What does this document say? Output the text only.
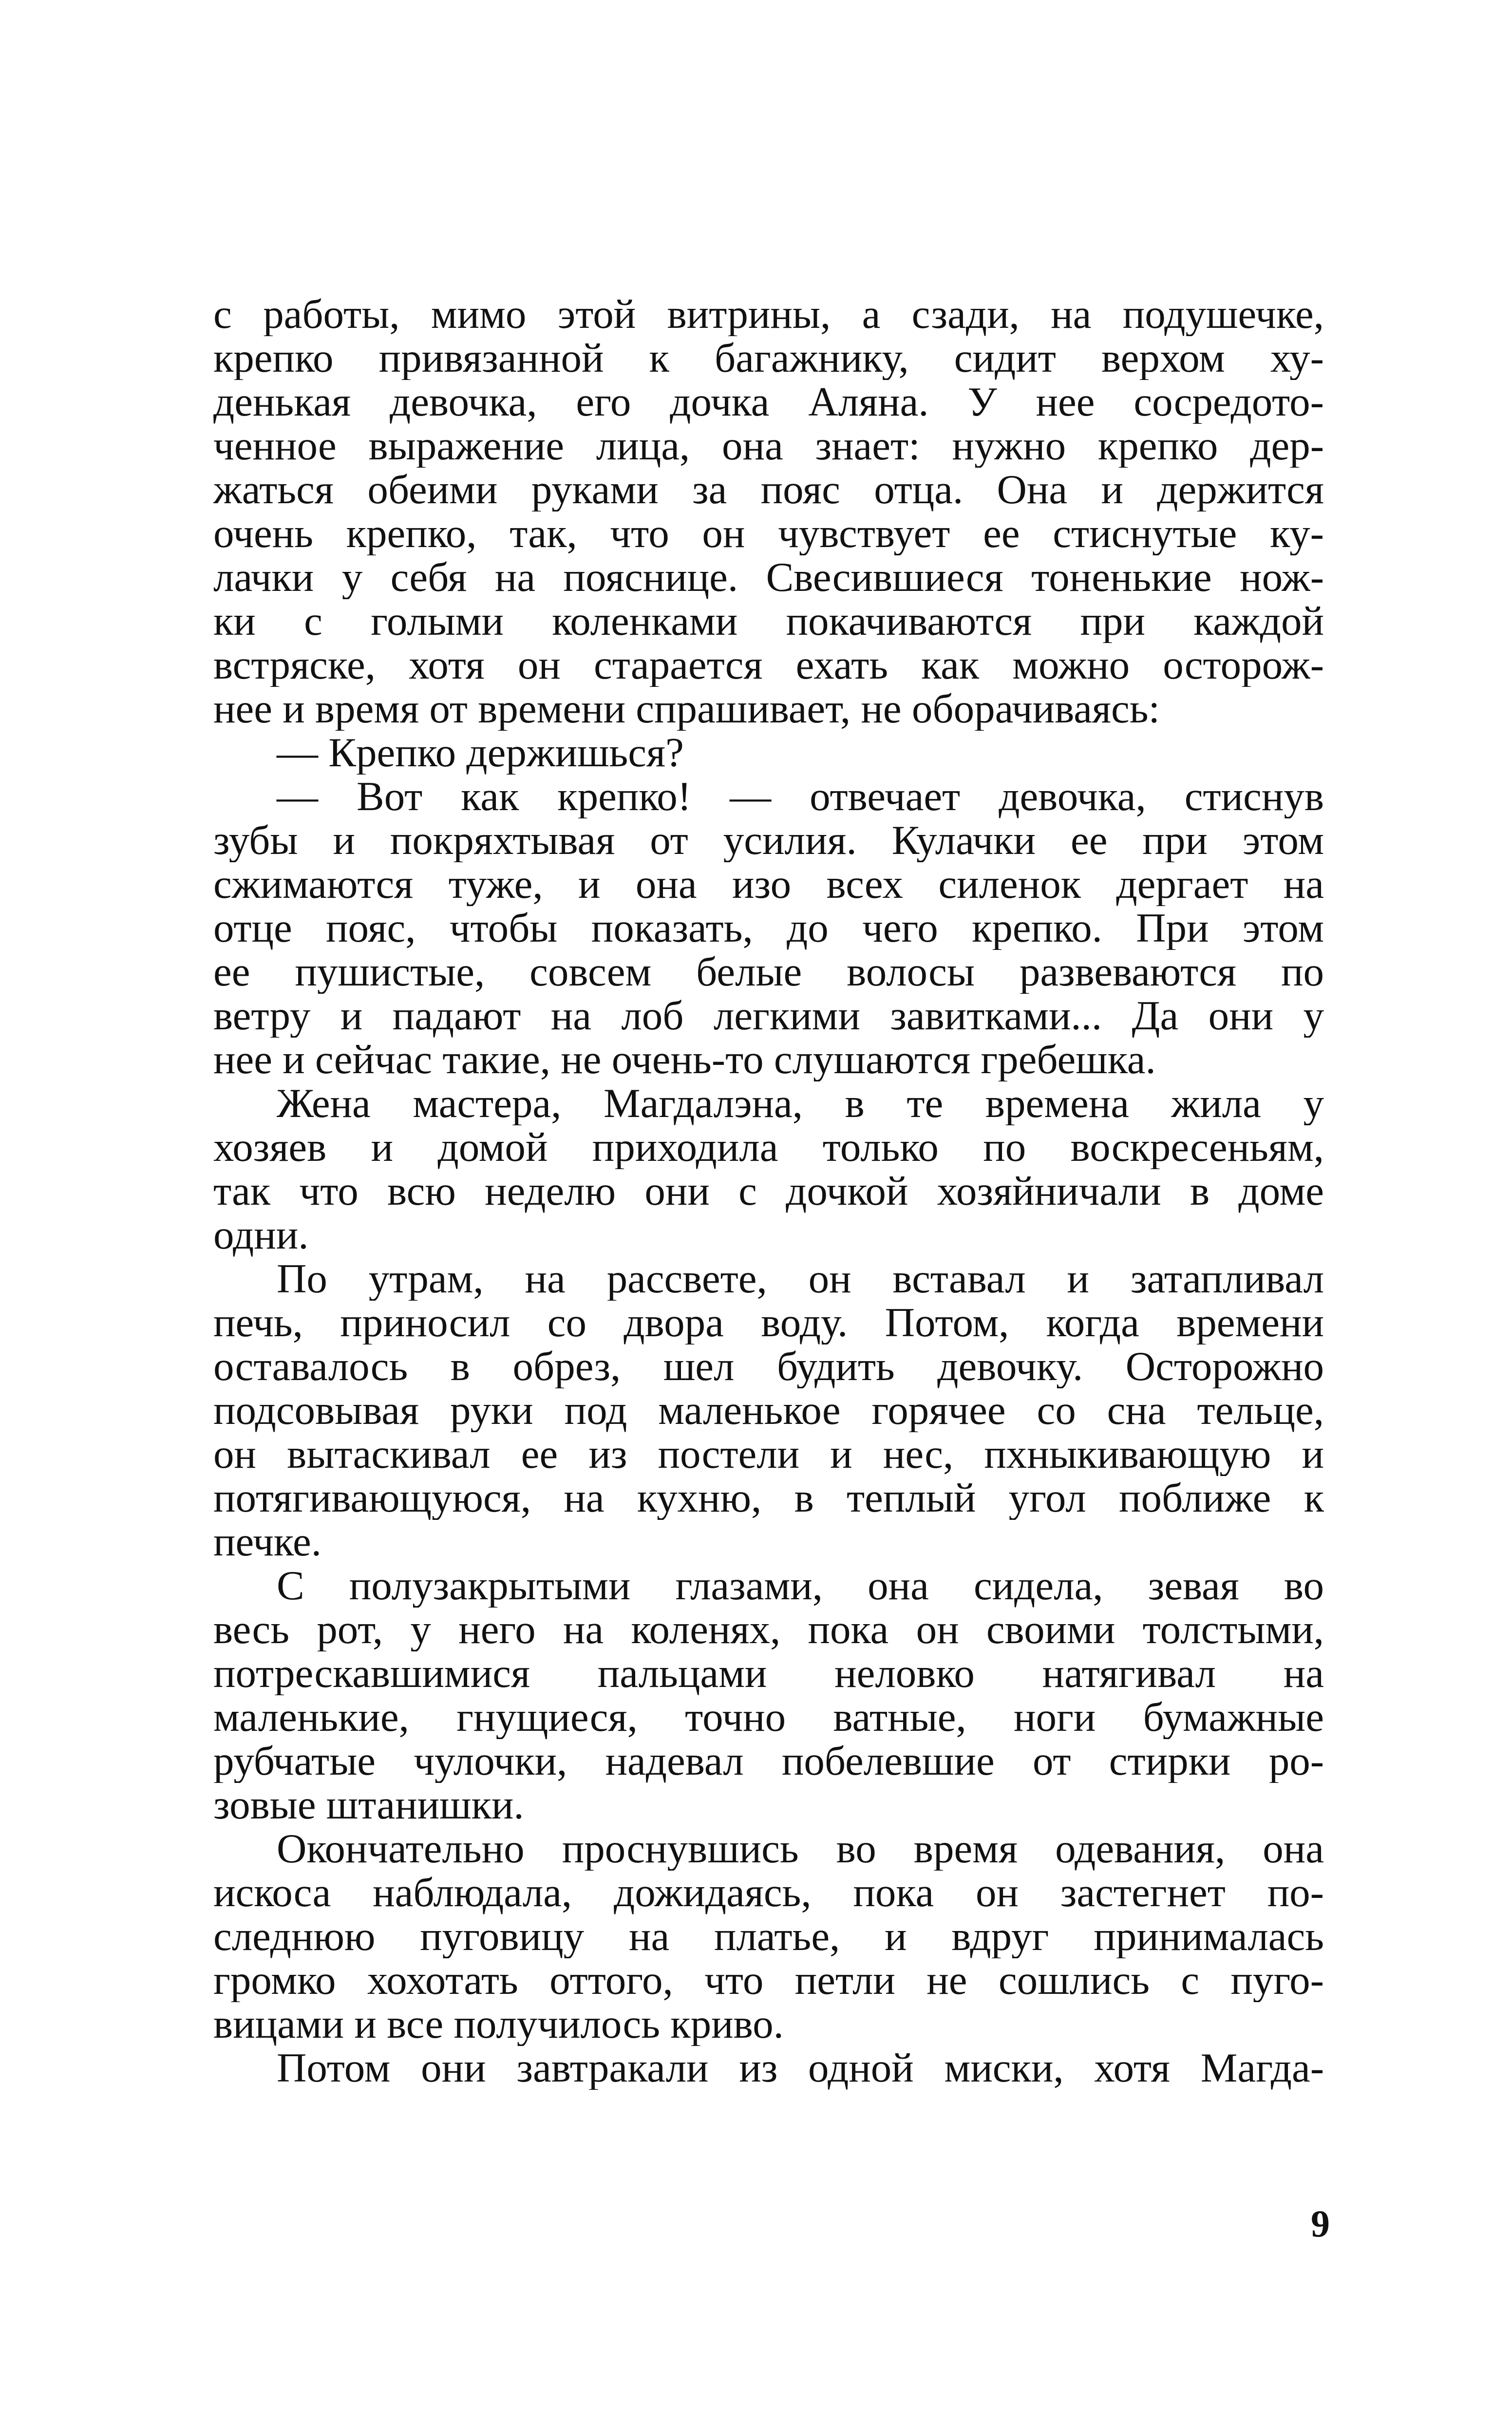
с работы, мимо этой витрины, а сзади, на подушечке,
крепко привязанной к багажнику, сидит верхом ху-
денькая девочка, его дочка Аляна. У нее сосредото-
ченное выражение лица, она знает: нужно крепко дер-
жаться обеими руками за пояс отца. Она и держится
очень крепко, так, что он чувствует ее стиснутые ку-
лачки у себя на пояснице. Свесившиеся тоненькие нож-
ки с голыми коленками покачиваются при каждой
встряске, хотя он старается ехать как можно осторож-
нее и время от времени спрашивает, не оборачиваясь:
— Крепко держишься?
— Вот как крепко! — отвечает девочка, стиснув
зубы и покряхтывая от усилия. Кулачки ее при этом
сжимаются туже, и она изо всех силенок дергает на
отце пояс, чтобы показать, до чего крепко. При этом
ее пушистые, совсем белые волосы развеваются по
ветру и падают на лоб легкими завитками... Да они у
нее и сейчас такие, не очень-то слушаются гребешка.
Жена мастера, Магдалэна, в те времена жила у
хозяев и домой приходила только по воскресеньям,
так что всю неделю они с дочкой хозяйничали в доме
одни.
По утрам, на рассвете, он вставал и затапливал
печь, приносил со двора воду. Потом, когда времени
оставалось в обрез, шел будить девочку. Осторожно
подсовывая руки под маленькое горячее со сна тельце,
он вытаскивал ее из постели и нес, пхныкивающую и
потягивающуюся, на кухню, в теплый угол поближе к
печке.
С полузакрытыми глазами, она сидела, зевая во
весь рот, у него на коленях, пока он своими толстыми,
потрескавшимися пальцами неловко натягивал на
маленькие, гнущиеся, точно ватные, ноги бумажные
рубчатые чулочки, надевал побелевшие от стирки ро-
зовые штанишки.
Окончательно проснувшись во время одевания, она
искоса наблюдала, дожидаясь, пока он застегнет по-
следнюю пуговицу на платье, и вдруг принималась
громко хохотать оттого, что петли не сошлись с пуго-
вицами и все получилось криво.
Потом они завтракали из одной миски, хотя Магда-
9
